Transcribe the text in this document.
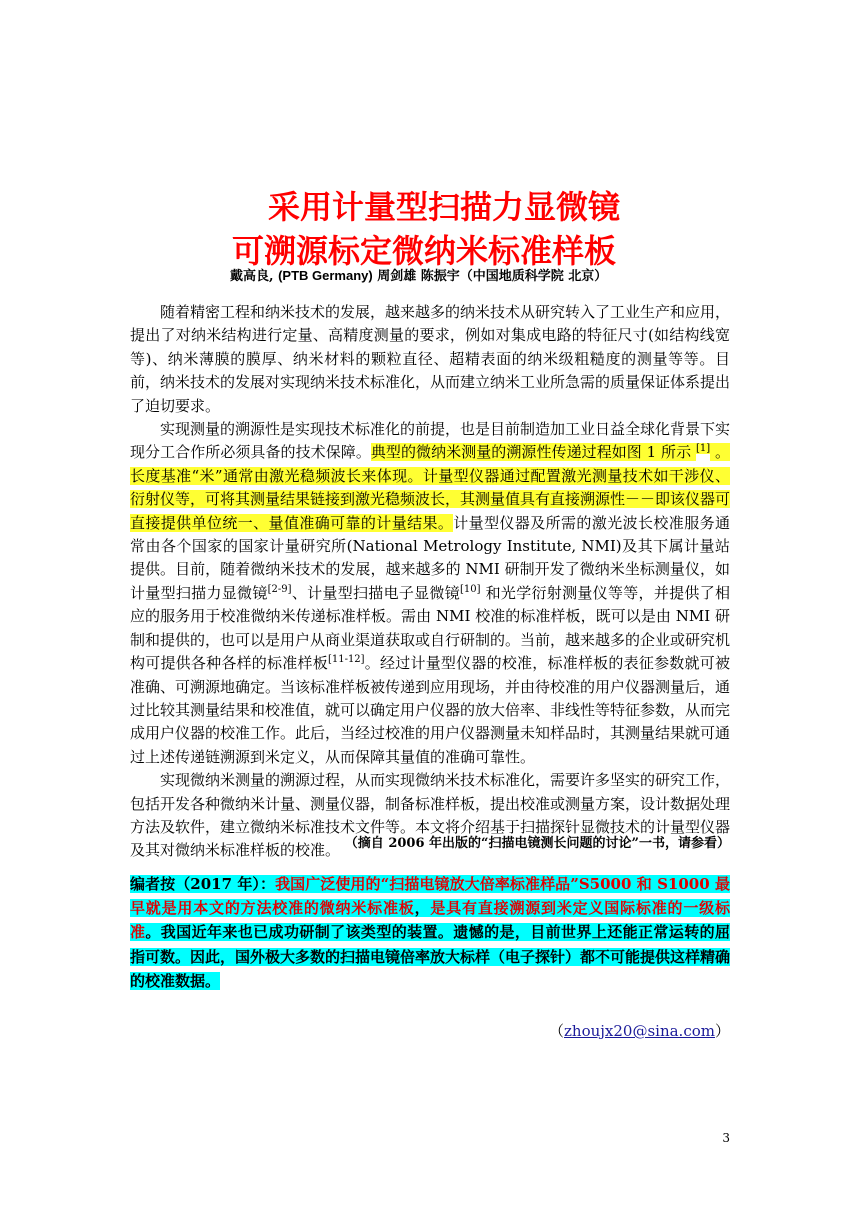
采用计量型扫描力显微镜
可溯源标定微纳米标准样板
戴高良, (PTB Germany) 周剑雄 陈振宇（中国地质科学院 北京）

随着精密工程和纳米技术的发展，越来越多的纳米技术从研究转入了工业生产和应用，提出了对纳米结构进行定量、高精度测量的要求，例如对集成电路的特征尺寸(如结构线宽等)、纳米薄膜的膜厚、纳米材料的颗粒直径、超精表面的纳米级粗糙度的测量等等。目前，纳米技术的发展对实现纳米技术标准化，从而建立纳米工业所急需的质量保证体系提出了迫切要求。

实现测量的溯源性是实现技术标准化的前提，也是目前制造加工业日益全球化背景下实现分工合作所必须具备的技术保障。典型的微纳米测量的溯源性传递过程如图 1 所示 [1] 。长度基准“米”通常由激光稳频波长来体现。计量型仪器通过配置激光测量技术如干涉仪、衍射仪等，可将其测量结果链接到激光稳频波长，其测量值具有直接溯源性－－即该仪器可直接提供单位统一、量值准确可靠的计量结果。计量型仪器及所需的激光波长校准服务通常由各个国家的国家计量研究所(National Metrology Institute, NMI)及其下属计量站提供。目前，随着微纳米技术的发展，越来越多的 NMI 研制开发了微纳米坐标测量仪，如计量型扫描力显微镜[2-9]、计量型扫描电子显微镜[10] 和光学衍射测量仪等等，并提供了相应的服务用于校准微纳米传递标准样板。需由 NMI 校准的标准样板，既可以是由 NMI 研制和提供的，也可以是用户从商业渠道获取或自行研制的。当前，越来越多的企业或研究机构可提供各种各样的标准样板[11-12]。经过计量型仪器的校准，标准样板的表征参数就可被准确、可溯源地确定。当该标准样板被传递到应用现场，并由待校准的用户仪器测量后，通过比较其测量结果和校准值，就可以确定用户仪器的放大倍率、非线性等特征参数，从而完成用户仪器的校准工作。此后，当经过校准的用户仪器测量未知样品时，其测量结果就可通过上述传递链溯源到米定义，从而保障其量值的准确可靠性。

实现微纳米测量的溯源过程，从而实现微纳米技术标准化，需要许多坚实的研究工作，包括开发各种微纳米计量、测量仪器，制备标准样板，提出校准或测量方案，设计数据处理方法及软件，建立微纳米标准技术文件等。本文将介绍基于扫描探针显微技术的计量型仪器及其对微纳米标准样板的校准。 （摘自 2006 年出版的“扫描电镜测长问题的讨论”一书，请参看）
编者按（2017 年）：我国广泛使用的“扫描电镜放大倍率标准样品”S5000 和 S1000 最早就是用本文的方法校准的微纳米标准板，是具有直接溯源到米定义国际标准的一级标准。我国近年来也已成功研制了该类型的装置。遗憾的是，目前世界上还能正常运转的屈指可数。因此，国外极大多数的扫描电镜倍率放大标样（电子探针）都不可能提供这样精确的校准数据。
（zhoujx20@sina.com）
3
